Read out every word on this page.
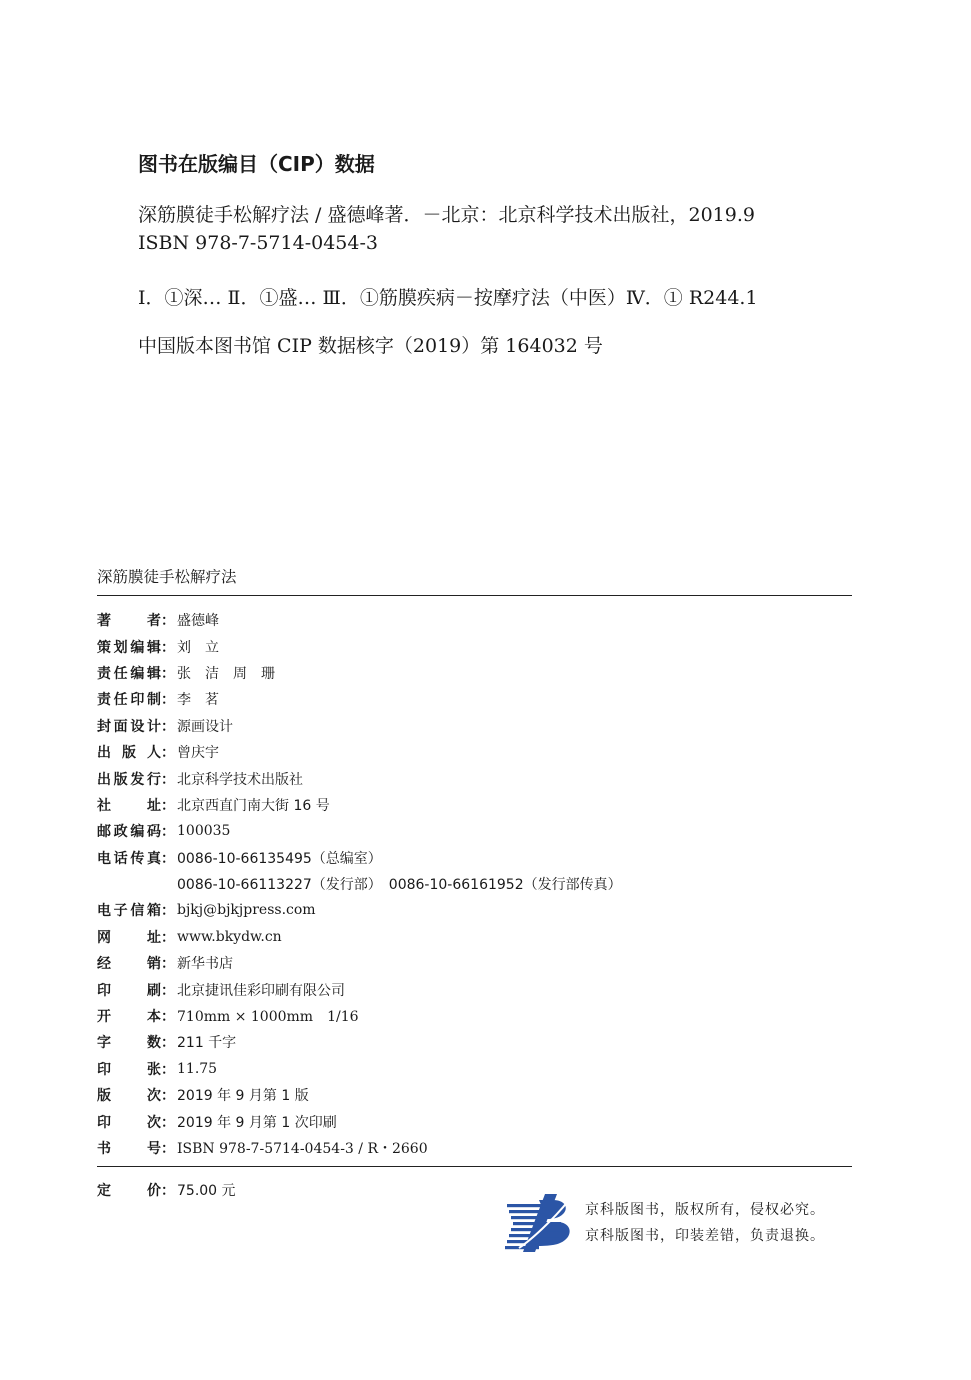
图书在版编目（CIP）数据
深筋膜徒手松解疗法 / 盛德峰著．－北京：北京科学技术出版社，2019.9
ISBN 978-7-5714-0454-3
Ⅰ．①深… Ⅱ．①盛… Ⅲ．①筋膜疾病－按摩疗法（中医）Ⅳ．① R244.1
中国版本图书馆 CIP 数据核字（2019）第 164032 号
深筋膜徒手松解疗法
著	者 ： 盛德峰
策 划 编 辑 ： 刘　立
责 任 编 辑 ： 张　洁　周　珊
责 任 印 制 ： 李　茗
封 面 设 计 ： 源画设计
出 版 人 ： 曾庆宇
出 版 发 行 ： 北京科学技术出版社
社	址 ： 北京西直门南大街 16 号
邮 政 编 码 ： 100035
电 话 传 真 ： 0086-10-66135495（总编室）
0086-10-66113227（发行部）　0086-10-66161952（发行部传真）
电 子 信 箱 ： bjkj@bjkjpress.com
网	址 ： www.bkydw.cn
经	销 ： 新华书店
印	刷 ： 北京捷讯佳彩印刷有限公司
开	本 ： 710mm × 1000mm　1/16
字	数 ： 211 千字
印	张 ： 11.75
版	次 ： 2019 年 9 月第 1 版
印	次 ： 2019 年 9 月第 1 次印刷
书	号 ： ISBN 978-7-5714-0454-3 / R・2660
定	价 ： 75.00 元
京科版图书，版权所有，侵权必究。
京科版图书，印装差错，负责退换。
